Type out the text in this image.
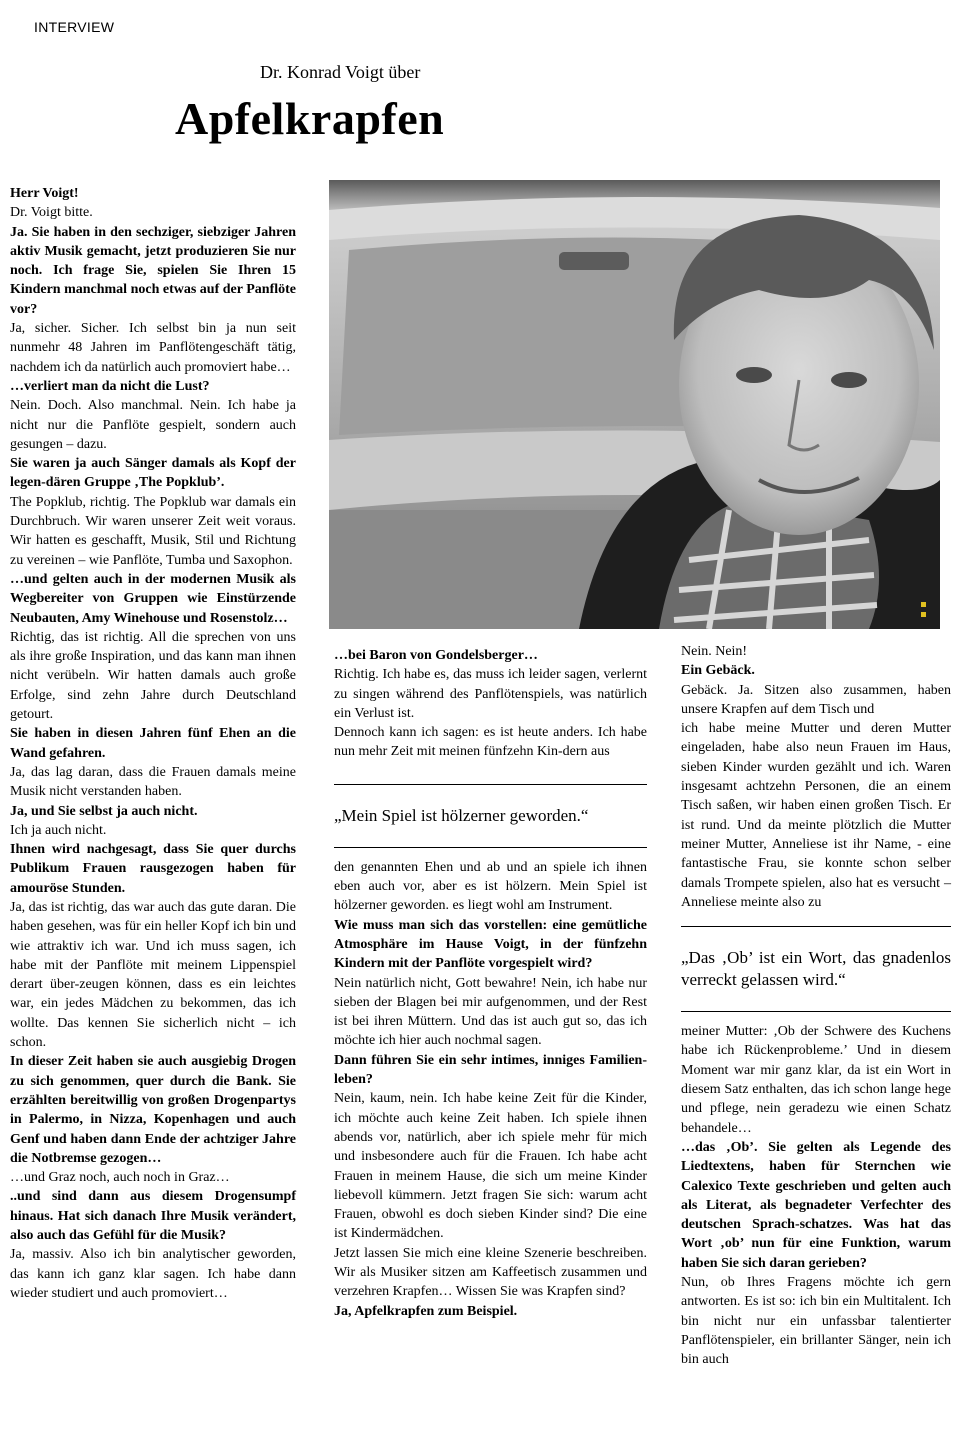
INTERVIEW
Dr. Konrad Voigt über
Apfelkrapfen

Herr Voigt!

Dr. Voigt bitte.

Ja. Sie haben in den sechziger, siebziger Jahren aktiv Musik gemacht, jetzt produzieren Sie nur noch. Ich frage Sie, spielen Sie Ihren 15 Kindern manchmal noch etwas auf der Panflöte vor?

Ja, sicher. Sicher. Ich selbst bin ja nun seit nunmehr 48 Jahren im Panflötengeschäft tätig, nachdem ich da natürlich auch promoviert habe…

…verliert man da nicht die Lust?

Nein. Doch. Also manchmal. Nein. Ich habe ja nicht nur die Panflöte gespielt, sondern auch gesungen – dazu.

Sie waren ja auch Sänger damals als Kopf der legen-dären Gruppe ‚The Popklub’.

The Popklub, richtig. The Popklub war damals ein Durchbruch. Wir waren unserer Zeit weit voraus. Wir hatten es geschafft, Musik, Stil und Richtung zu vereinen – wie Panflöte, Tumba und Saxophon.

…und gelten auch in der modernen Musik als Wegbereiter von Gruppen wie Einstürzende Neubauten, Amy Winehouse und Rosenstolz…

Richtig, das ist richtig. All die sprechen von uns als ihre große Inspiration, und das kann man ihnen nicht verübeln. Wir hatten damals auch große Erfolge, sind zehn Jahre durch Deutschland getourt.

Sie haben in diesen Jahren fünf Ehen an die Wand gefahren.

Ja, das lag daran, dass die Frauen damals meine Musik nicht verstanden haben.

Ja, und Sie selbst ja auch nicht.

Ich ja auch nicht.

Ihnen wird nachgesagt, dass Sie quer durchs Publikum Frauen rausgezogen haben für amouröse Stunden.

Ja, das ist richtig, das war auch das gute daran. Die haben gesehen, was für ein heller Kopf ich bin und wie attraktiv ich war. Und ich muss sagen, ich habe mit der Panflöte mit meinem Lippenspiel derart über-zeugen können, dass es ein leichtes war, ein jedes Mädchen zu bekommen, das ich wollte. Das kennen Sie sicherlich nicht – ich schon.

In dieser Zeit haben sie auch ausgiebig Drogen zu sich genommen, quer durch die Bank. Sie erzählten bereitwillig von großen Drogenpartys in Palermo, in Nizza, Kopenhagen und auch Genf und haben dann Ende der achtziger Jahre die Notbremse gezogen…

…und Graz noch, auch noch in Graz…

..und sind dann aus diesem Drogensumpf hinaus. Hat sich danach Ihre Musik verändert, also auch das Gefühl für die Musik?

Ja, massiv. Also ich bin analytischer geworden, das kann ich ganz klar sagen. Ich habe dann wieder studiert und auch promoviert…

…bei Baron von Gondelsberger…

Richtig. Ich habe es, das muss ich leider sagen, verlernt zu singen während des Panflötenspiels, was natürlich ein Verlust ist.

Dennoch kann ich sagen: es ist heute anders. Ich habe nun mehr Zeit mit meinen fünfzehn Kin-dern aus

„Mein Spiel ist hölzerner geworden.“

den genannten Ehen und ab und an spiele ich ihnen eben auch vor, aber es ist hölzern. Mein Spiel ist hölzerner geworden. es liegt wohl am Instrument.

Wie muss man sich das vorstellen: eine gemütliche Atmosphäre im Hause Voigt, in der fünfzehn Kindern mit der Panflöte vorgespielt wird?

Nein natürlich nicht, Gott bewahre! Nein, ich habe nur sieben der Blagen bei mir aufgenommen, und der Rest ist bei ihren Müttern. Und das ist auch gut so, das ich möchte ich hier auch nochmal sagen.

Dann führen Sie ein sehr intimes, inniges Familien-leben?

Nein, kaum, nein. Ich habe keine Zeit für die Kinder, ich möchte auch keine Zeit haben. Ich spiele ihnen abends vor, natürlich, aber ich spiele mehr für mich und insbesondere auch für die Frauen. Ich habe acht Frauen in meinem Hause, die sich um meine Kinder liebevoll kümmern. Jetzt fragen Sie sich: warum acht Frauen, obwohl es doch sieben Kinder sind? Die eine ist Kindermädchen.

Jetzt lassen Sie mich eine kleine Szenerie beschreiben. Wir als Musiker sitzen am Kaffeetisch zusammen und verzehren Krapfen… Wissen Sie was Krapfen sind?

Ja, Apfelkrapfen zum Beispiel.

Nein. Nein!

Ein Gebäck.

Gebäck. Ja. Sitzen also zusammen, haben unsere Krapfen auf dem Tisch und

ich habe meine Mutter und deren Mutter eingeladen, habe also neun Frauen im Haus, sieben Kinder wurden gezählt und ich. Waren insgesamt achtzehn Personen, die an einem Tisch saßen, wir haben einen großen Tisch. Er ist rund. Und da meinte plötzlich die Mutter meiner Mutter, Anneliese ist ihr Name, - eine fantastische Frau, sie konnte schon selber damals Trompete spielen, also hat es versucht – Anneliese meinte also zu

„Das ‚Ob’ ist ein Wort, das gnadenlos verreckt gelassen wird.“

meiner Mutter: ‚Ob der Schwere des Kuchens habe ich Rückenprobleme.’ Und in diesem Moment war mir ganz klar, da ist ein Wort in diesem Satz enthalten, das ich schon lange hege und pflege, nein geradezu wie einen Schatz behandele…

…das ‚Ob’. Sie gelten als Legende des Liedtextens, haben für Sternchen wie Calexico Texte geschrieben und gelten auch als Literat, als begnadeter Verfechter des deutschen Sprach-schatzes. Was hat das Wort ‚ob’ nun für eine Funktion, warum haben Sie sich daran gerieben?

Nun, ob Ihres Fragens möchte ich gern antworten. Es ist so: ich bin ein Multitalent. Ich bin nicht nur ein unfassbar talentierter Panflötenspieler, ein brillanter Sänger, nein ich bin auch
